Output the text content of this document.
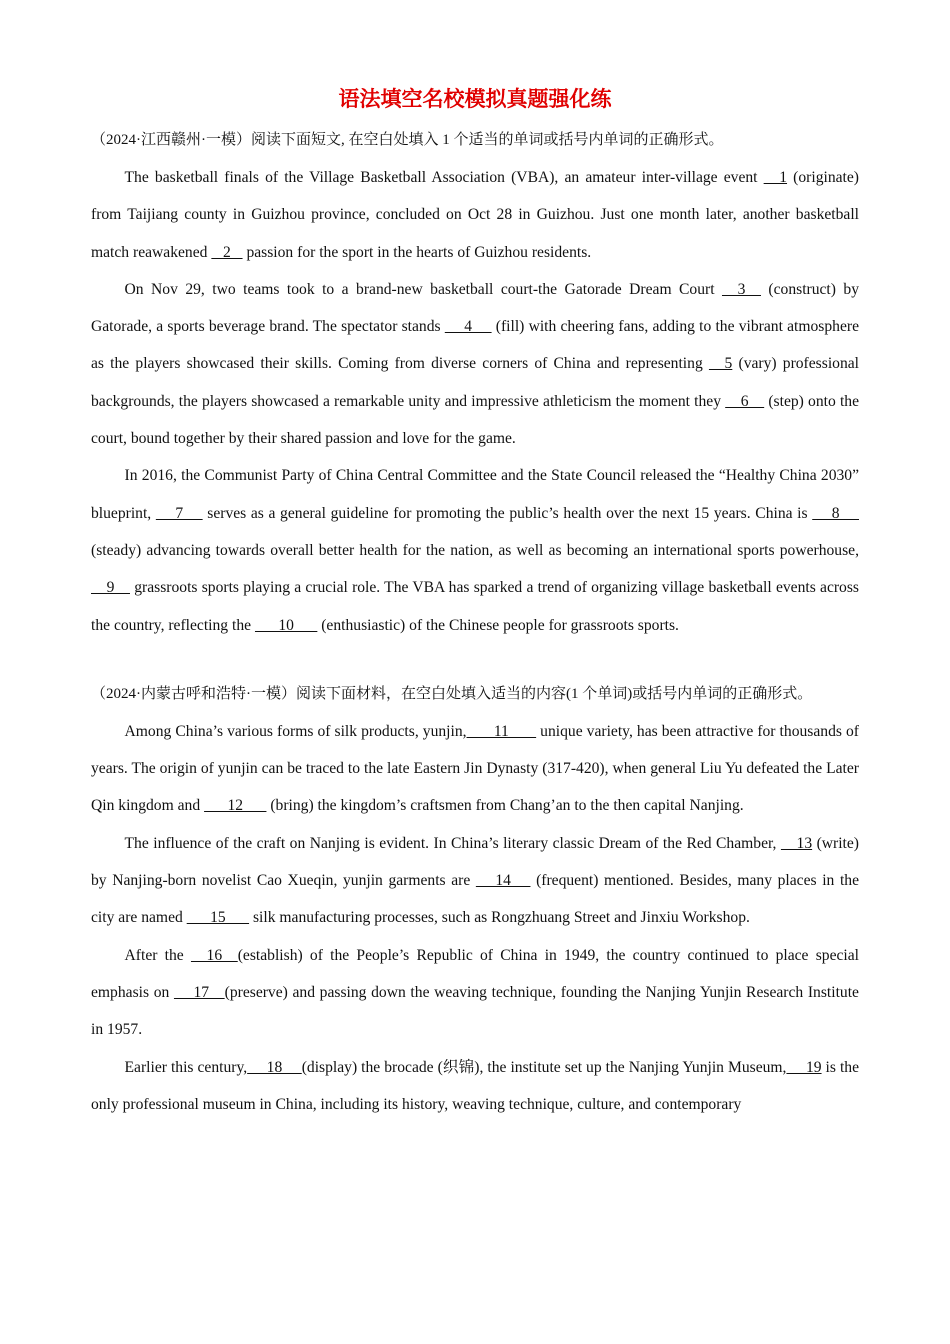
语法填空名校模拟真题强化练

（2024·江西赣州·一模）阅读下面短文, 在空白处填入 1 个适当的单词或括号内单词的正确形式。

The basketball finals of the Village Basketball Association (VBA), an amateur inter-village event     1 (originate) from Taijiang county in Guizhou province, concluded on Oct 28 in Guizhou. Just one month later, another basketball match reawakened    2    passion for the sport in the hearts of Guizhou residents.

On Nov 29, two teams took to a brand-new basketball court-the Gatorade Dream Court     3     (construct) by Gatorade, a sports beverage brand. The spectator stands      4      (fill) with cheering fans, adding to the vibrant atmosphere as the players showcased their skills. Coming from diverse corners of China and representing     5 (vary) professional backgrounds, the players showcased a remarkable unity and impressive athleticism the moment they     6     (step) onto the court, bound together by their shared passion and love for the game.

In 2016, the Communist Party of China Central Committee and the State Council released the “Healthy China 2030” blueprint,      7      serves as a general guideline for promoting the public’s health over the next 15 years. China is      8     (steady) advancing towards overall better health for the nation, as well as becoming an international sports powerhouse,     9     grassroots sports playing a crucial role. The VBA has sparked a trend of organizing village basketball events across the country, reflecting the       10       (enthusiastic) of the Chinese people for grassroots sports.

（2024·内蒙古呼和浩特·一模）阅读下面材料，在空白处填入适当的内容(1 个单词)或括号内单词的正确形式。

Among China’s various forms of silk products, yunjin,       11        unique variety, has been attractive for thousands of years. The origin of yunjin can be traced to the late Eastern Jin Dynasty (317-420), when general Liu Yu defeated the Later Qin kingdom and       12       (bring) the kingdom’s craftsmen from Chang’an to the then capital Nanjing.

The influence of the craft on Nanjing is evident. In China’s literary classic Dream of the Red Chamber,     13 (write) by Nanjing-born novelist Cao Xueqin, yunjin garments are      14      (frequent) mentioned. Besides, many places in the city are named       15       silk manufacturing processes, such as Rongzhuang Street and Jinxiu Workshop.

After the     16    (establish) of the People’s Republic of China in 1949, the country continued to place special emphasis on      17    (preserve) and passing down the weaving technique, founding the Nanjing Yunjin Research Institute in 1957.

Earlier this century,     18     (display) the brocade (织锦), the institute set up the Nanjing Yunjin Museum,     19 is the only professional museum in China, including its history, weaving technique, culture, and contemporary
